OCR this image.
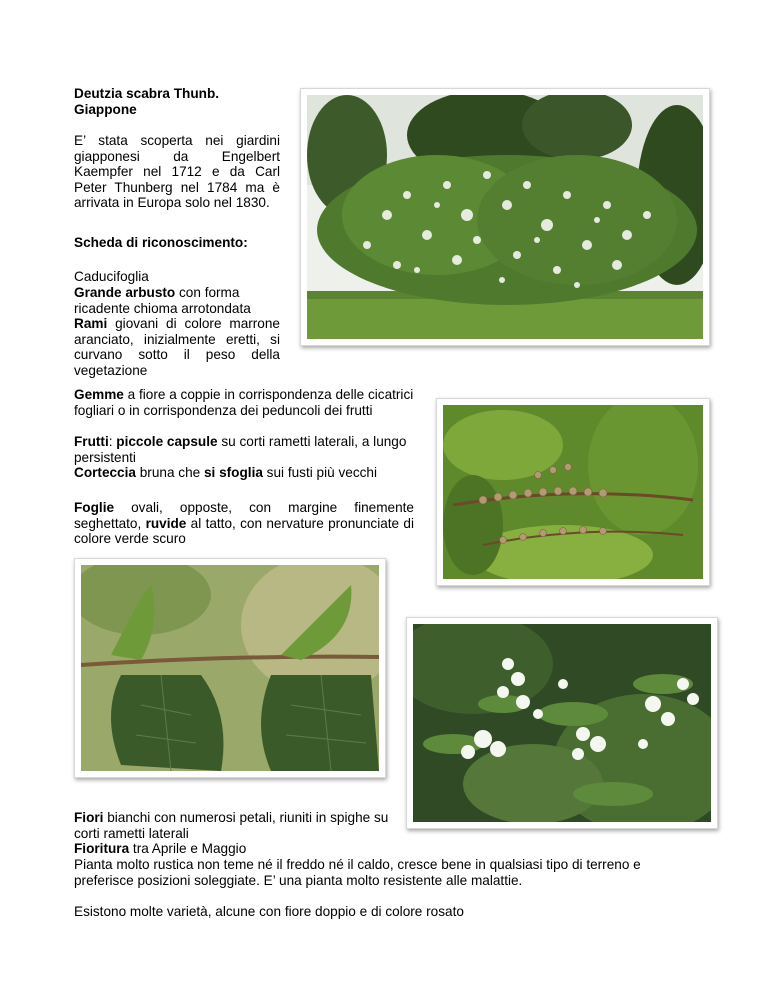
Deutzia scabra Thunb.
Giappone

E’ stata scoperta nei giardini giapponesi da Engelbert Kaempfer nel 1712 e da Carl Peter Thunberg nel 1784 ma è arrivata in Europa solo nel 1830.

Scheda di riconoscimento:

Caducifoglia

Grande arbusto con forma ricadente chioma arrotondata

Rami giovani di colore marrone aranciato, inizialmente eretti, si curvano sotto il peso della vegetazione

Gemme a fiore a coppie in corrispondenza delle cicatrici fogliari o in corrispondenza dei peduncoli dei frutti

Frutti: piccole capsule su corti rametti laterali, a lungo persistenti

Corteccia bruna che si sfoglia sui fusti più vecchi

Foglie ovali, opposte, con margine finemente seghettato, ruvide al tatto, con nervature pronunciate di colore verde scuro

Fiori bianchi con numerosi petali, riuniti in spighe su corti rametti laterali

Fioritura tra Aprile e Maggio

Pianta molto rustica non teme né il freddo né il caldo, cresce bene in qualsiasi tipo di terreno e preferisce posizioni soleggiate. E’ una pianta molto resistente alle malattie.

Esistono molte varietà, alcune con fiore doppio e di colore rosato
